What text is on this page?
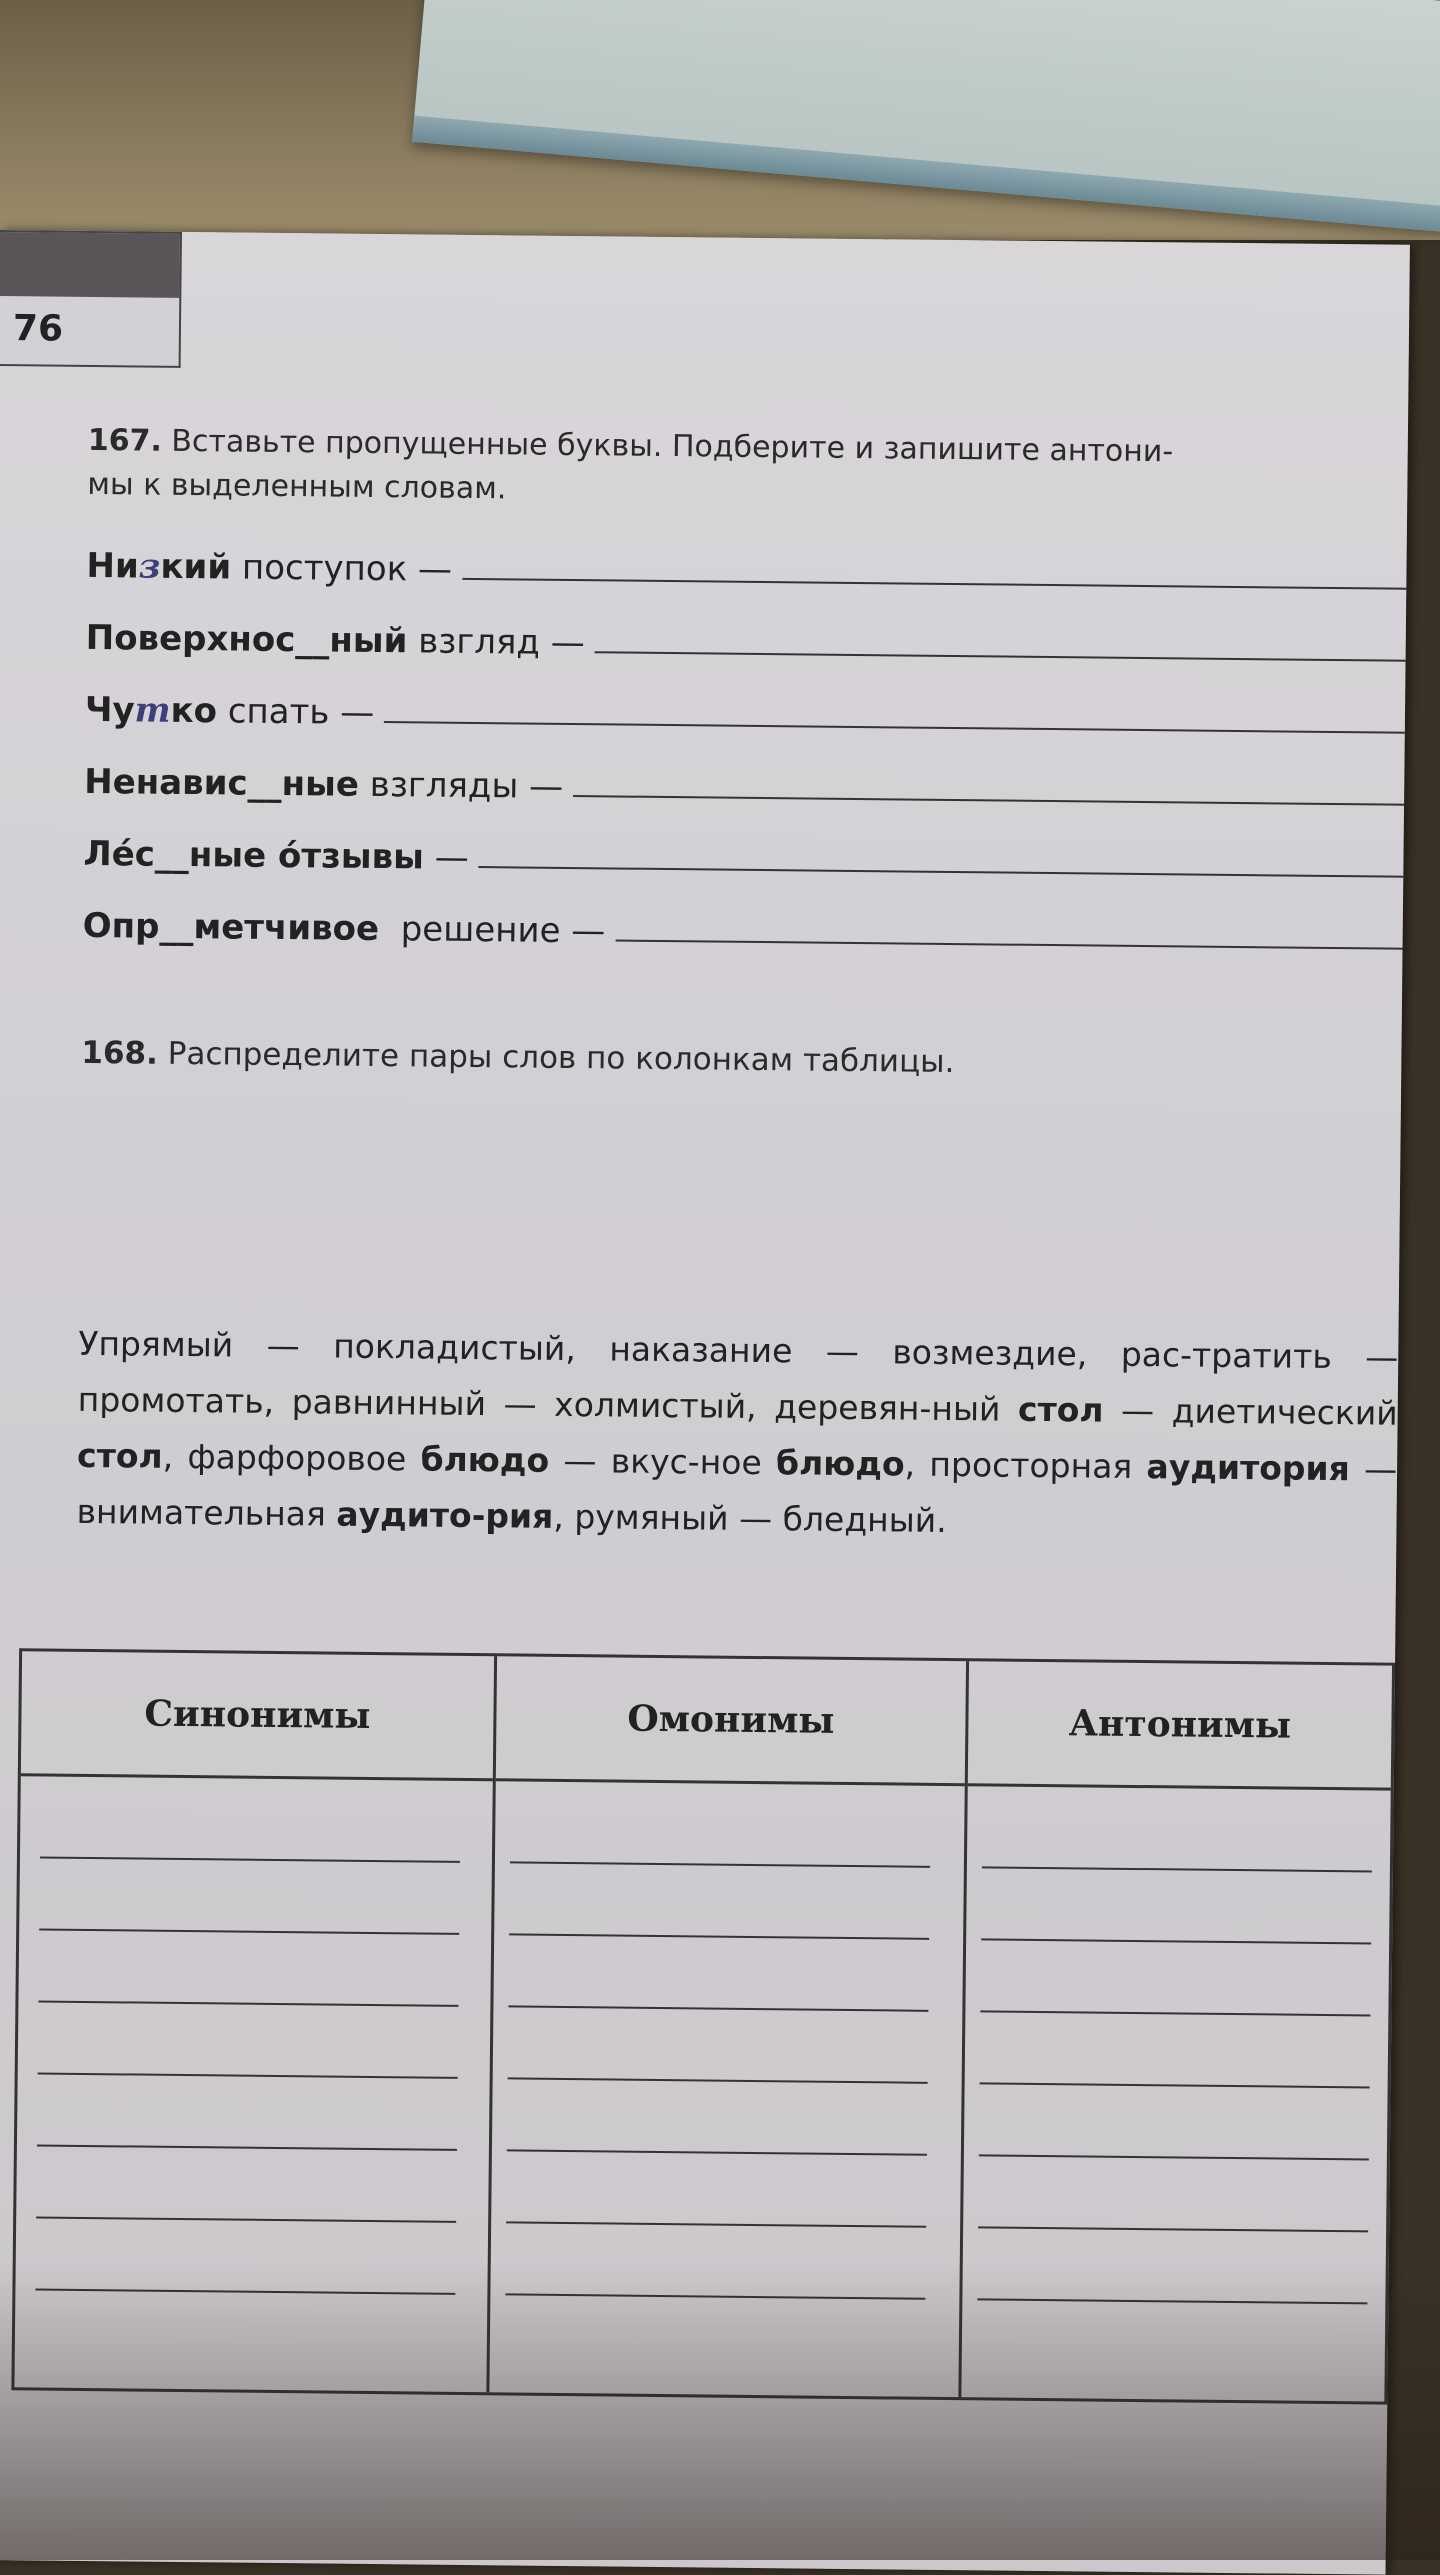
76
167. Вставьте пропущенные буквы. Подберите и запишите антони-
мы к выделенным словам.
Ни з кий поступок —
Поверхнос __ ный взгляд —
Чу т ко спать —
Ненавис __ ные взгляды —
Ле́с __ ные о́тзывы —
Опр __ метчивое решение —
168. Распределите пары слов по колонкам таблицы.
Упрямый — покладистый, наказание — возмездие, рас-тратить — промотать, равнинный — холмистый, деревян-ный стол — диетический стол, фарфоровое блюдо — вкус-ное блюдо, просторная аудитория — внимательная аудито-рия, румяный — бледный.
Синонимы	Омонимы	Антонимы
